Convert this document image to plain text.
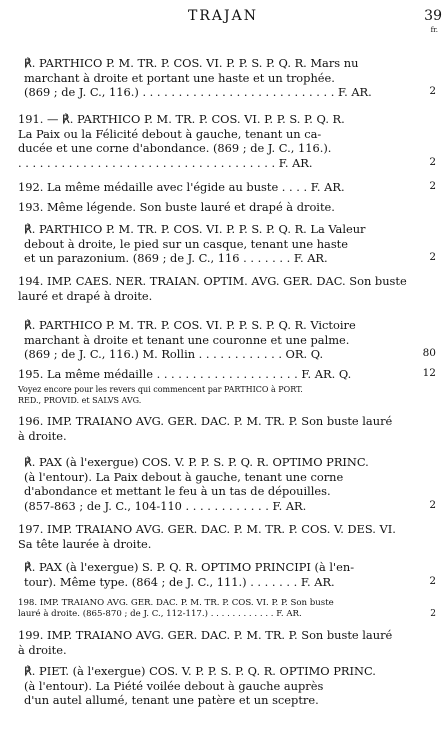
TRAJAN	39
fr.
℟. PARTHICO P. M. TR. P. COS. VI. P. P. S. P. Q. R. Mars nu
marchant à droite et portant une haste et un trophée.
(869 ; de J. C., 116.) . . . . . . . . . . . . . . . . . . . . . . . . . . . F. AR.	2
191. — ℟. PARTHICO P. M. TR. P. COS. VI. P. P. S. P. Q. R.
La Paix ou la Félicité debout à gauche, tenant un ca-
ducée et une corne d'abondance. (869 ; de J. C., 116.).
. . . . . . . . . . . . . . . . . . . . . . . . . . . . . . . . . . . . F. AR.	2
192. La même médaille avec l'égide au buste . . . . F. AR.	2
193. Même légende. Son buste lauré et drapé à droite.
℟. PARTHICO P. M. TR. P. COS. VI. P. P. S. P. Q. R. La Valeur
debout à droite, le pied sur un casque, tenant une haste
et un parazonium. (869 ; de J. C., 116 . . . . . . . F. AR.	2
194. IMP. CAES. NER. TRAIAN. OPTIM. AVG. GER. DAC. Son buste
lauré et drapé à droite.
℟. PARTHICO P. M. TR. P. COS. VI. P. P. S. P. Q. R. Victoire
marchant à droite et tenant une couronne et une palme.
(869 ; de J. C., 116.) M. Rollin . . . . . . . . . . . . OR. Q.	80
195. La même médaille . . . . . . . . . . . . . . . . . . . . F. AR. Q.	12
Voyez encore pour les revers qui commencent par PARTHICO à PORT.
RED., PROVID. et SALVS AVG.
196. IMP. TRAIANO AVG. GER. DAC. P. M. TR. P. Son buste lauré
à droite.
℟. PAX (à l'exergue) COS. V. P. P. S. P. Q. R. OPTIMO PRINC.
(à l'entour). La Paix debout à gauche, tenant une corne
d'abondance et mettant le feu à un tas de dépouilles.
(857-863 ; de J. C., 104-110 . . . . . . . . . . . . F. AR.	2
197. IMP. TRAIANO AVG. GER. DAC. P. M. TR. P. COS. V. DES. VI.
Sa tête laurée à droite.
℟. PAX (à l'exergue) S. P. Q. R. OPTIMO PRINCIPI (à l'en-
tour). Même type. (864 ; de J. C., 111.) . . . . . . . F. AR.	2
198. IMP. TRAIANO AVG. GER. DAC. P. M. TR. P. COS. VI. P. P. Son buste
lauré à droite. (865-870 ; de J. C., 112-117.) . . . . . . . . . . . . F. AR.	2
199. IMP. TRAIANO AVG. GER. DAC. P. M. TR. P. Son buste lauré
à droite.
℟. PIET. (à l'exergue) COS. V. P. P. S. P. Q. R. OPTIMO PRINC.
(à l'entour). La Piété voilée debout à gauche auprès
d'un autel allumé, tenant une patère et un sceptre.
